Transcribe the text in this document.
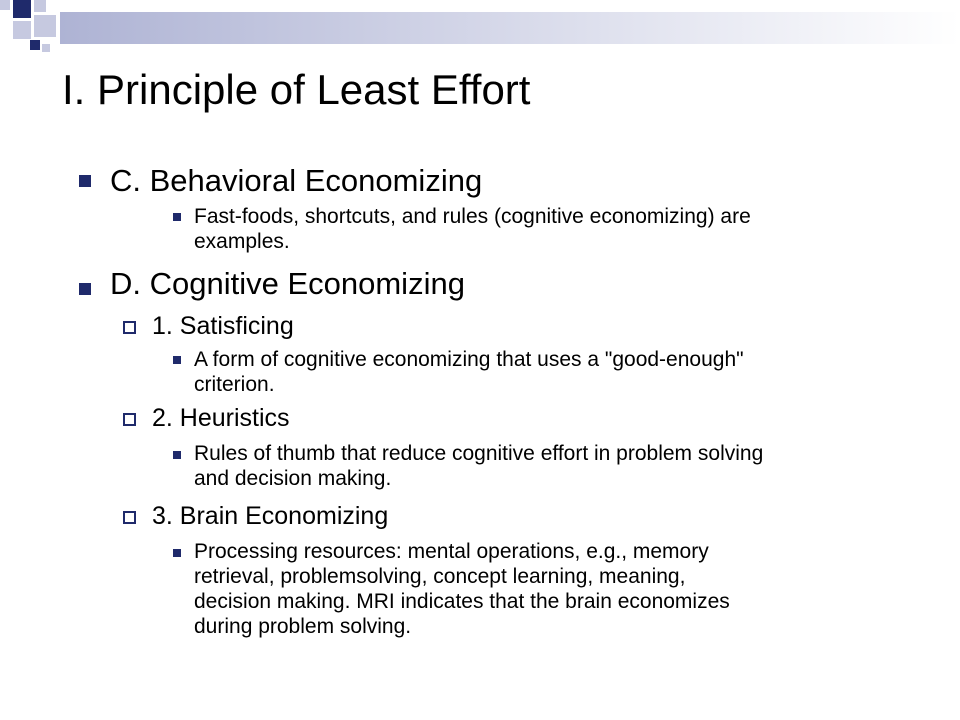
I. Principle of Least Effort
C. Behavioral Economizing
Fast-foods, shortcuts, and rules (cognitive economizing) are
examples.
D. Cognitive Economizing
1. Satisficing
A form of cognitive economizing that uses a "good-enough"
criterion.
2. Heuristics
Rules of thumb that reduce cognitive effort in problem solving
and decision making.
3. Brain Economizing
Processing resources: mental operations, e.g., memory
retrieval, problemsolving, concept learning, meaning,
decision making. MRI indicates that the brain economizes
during problem solving.
